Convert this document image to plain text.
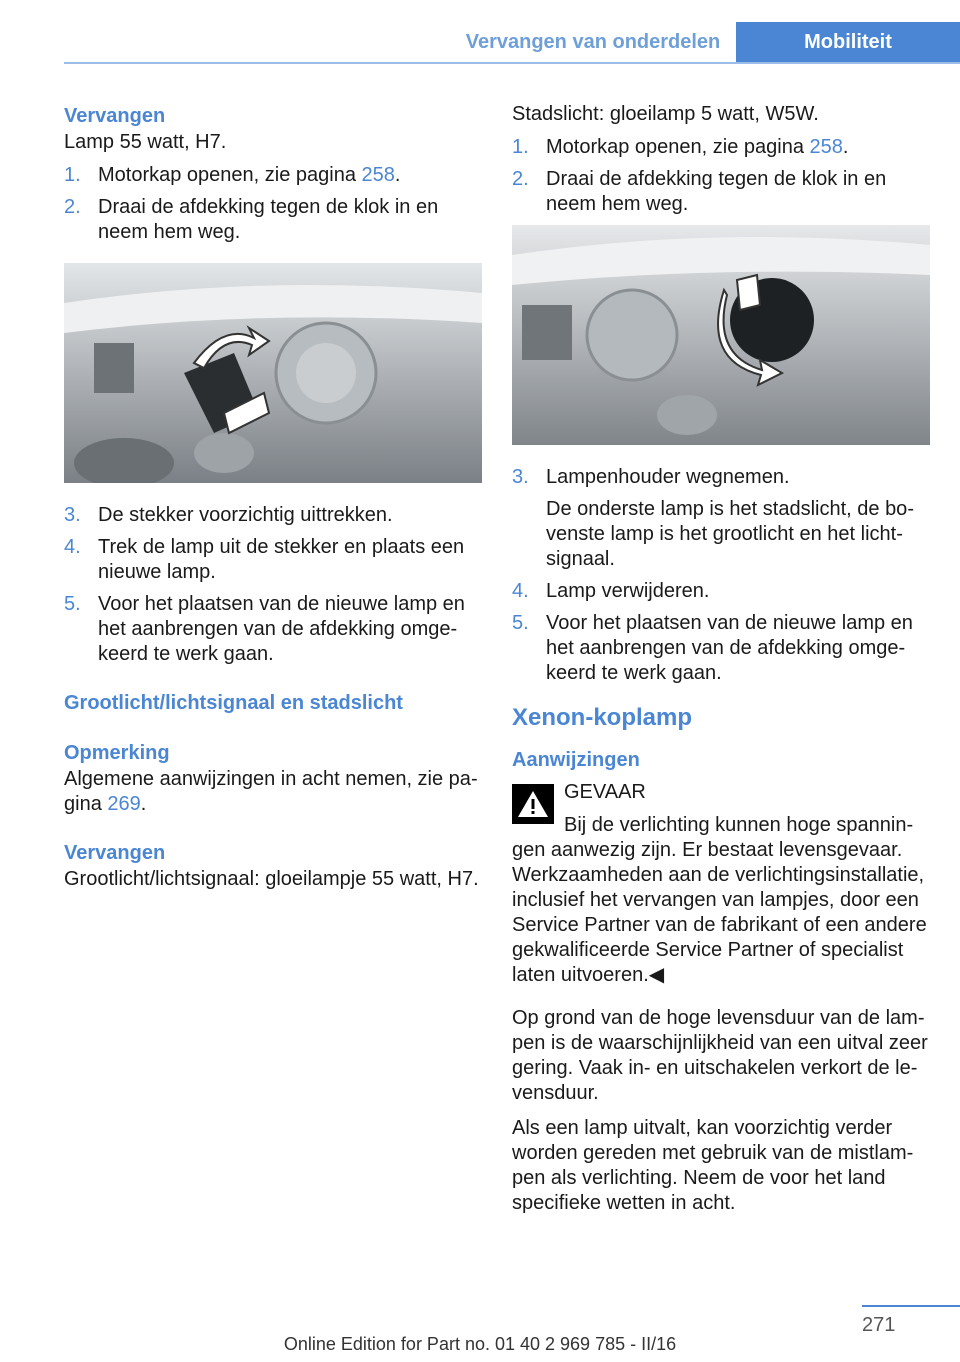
Vervangen van onderdelen	Mobiliteit
Vervangen

Lamp 55 watt, H7.

1. Motorkap openen, zie pagina 258.
2. Draai de afdekking tegen de klok in en neem hem weg.
3. De stekker voorzichtig uittrekken.
4. Trek de lamp uit de stekker en plaats een nieuwe lamp.
5. Voor het plaatsen van de nieuwe lamp en het aanbrengen van de afdekking omgekeerd te werk gaan.
Grootlicht/lichtsignaal en stadslicht
Opmerking

Algemene aanwijzingen in acht nemen, zie pagina 269.

Vervangen

Grootlicht/lichtsignaal: gloeilampje 55 watt, H7.

Stadslicht: gloeilamp 5 watt, W5W.

1. Motorkap openen, zie pagina 258.
2. Draai de afdekking tegen de klok in en neem hem weg.
3. Lampenhouder wegnemen.
De onderste lamp is het stadslicht, de bovenste lamp is het grootlicht en het lichtsignaal.
4. Lamp verwijderen.
5. Voor het plaatsen van de nieuwe lamp en het aanbrengen van de afdekking omgekeerd te werk gaan.
Xenon-koplamp
Aanwijzingen

GEVAAR

Bij de verlichting kunnen hoge spanningen aanwezig zijn. Er bestaat levensgevaar. Werkzaamheden aan de verlichtingsinstallatie, inclusief het vervangen van lampjes, door een Service Partner van de fabrikant of een andere gekwalificeerde Service Partner of specialist laten uitvoeren.◀

Op grond van de hoge levensduur van de lampen is de waarschijnlijkheid van een uitval zeer gering. Vaak in- en uitschakelen verkort de levensduur.

Als een lamp uitvalt, kan voorzichtig verder worden gereden met gebruik van de mistlampen als verlichting. Neem de voor het land specifieke wetten in acht.

271
Online Edition for Part no. 01 40 2 969 785 - II/16
